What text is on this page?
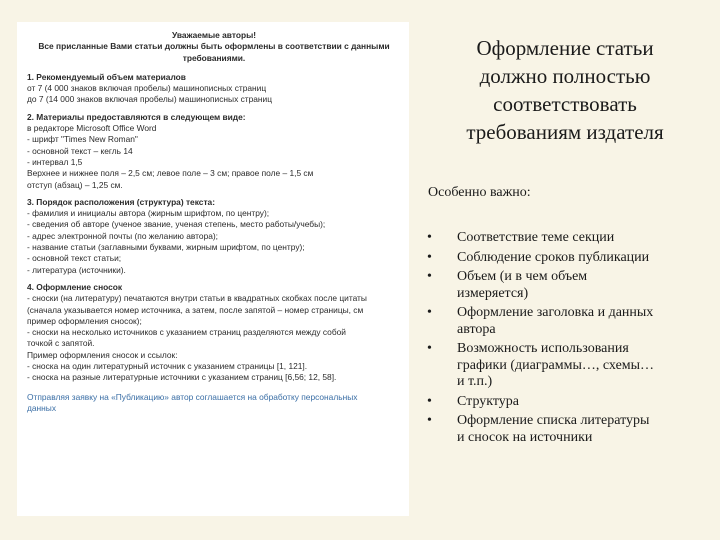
Уважаемые авторы!
Все присланные Вами статьи должны быть оформлены в соответствии с данными требованиями.
1. Рекомендуемый объем материалов
от 7 (4 000 знаков включая пробелы) машинописных страниц
до 7 (14 000 знаков включая пробелы) машинописных страниц
2. Материалы предоставляются в следующем виде:
в редакторе Microsoft Office Word
- шрифт "Times New Roman"
- основной текст – кегль 14
- интервал 1,5
Верхнее и нижнее поля – 2,5 см; левое поле – 3 см; правое поле – 1,5 см
отступ (абзац) – 1,25 см.
3. Порядок расположения (структура) текста:
- фамилия и инициалы автора (жирным шрифтом, по центру);
- сведения об авторе (ученое звание, ученая степень, место работы/учебы);
- адрес электронной почты (по желанию автора);
- название статьи (заглавными буквами, жирным шрифтом, по центру);
- основной текст статьи;
- литература (источники).
4. Оформление сносок
- сноски (на литературу) печатаются внутри статьи в квадратных скобках после цитаты
(сначала указывается номер источника, а затем, после запятой – номер страницы, см
пример оформления сносок);
- сноски на несколько источников с указанием страниц разделяются между собой
точкой с запятой.
Пример оформления сносок и ссылок:
- сноска на один литературный источник с указанием страницы [1, 121].
- сноска на разные литературные источники с указанием страниц [6,56; 12, 58].
Отправляя заявку на «Публикацию» автор соглашается на обработку персональных
данных
Оформление статьи
должно полностью
соответствовать
требованиям издателя
Особенно важно:
•	Соответствие теме секции
•	Соблюдение сроков публикации
•	Объем (и в чем объем
измеряется)
•	Оформление заголовка и данных
автора
•	Возможность использования
графики (диаграммы…, схемы…
и т.п.)
•	Структура
•	Оформление списка литературы
и сносок на источники
